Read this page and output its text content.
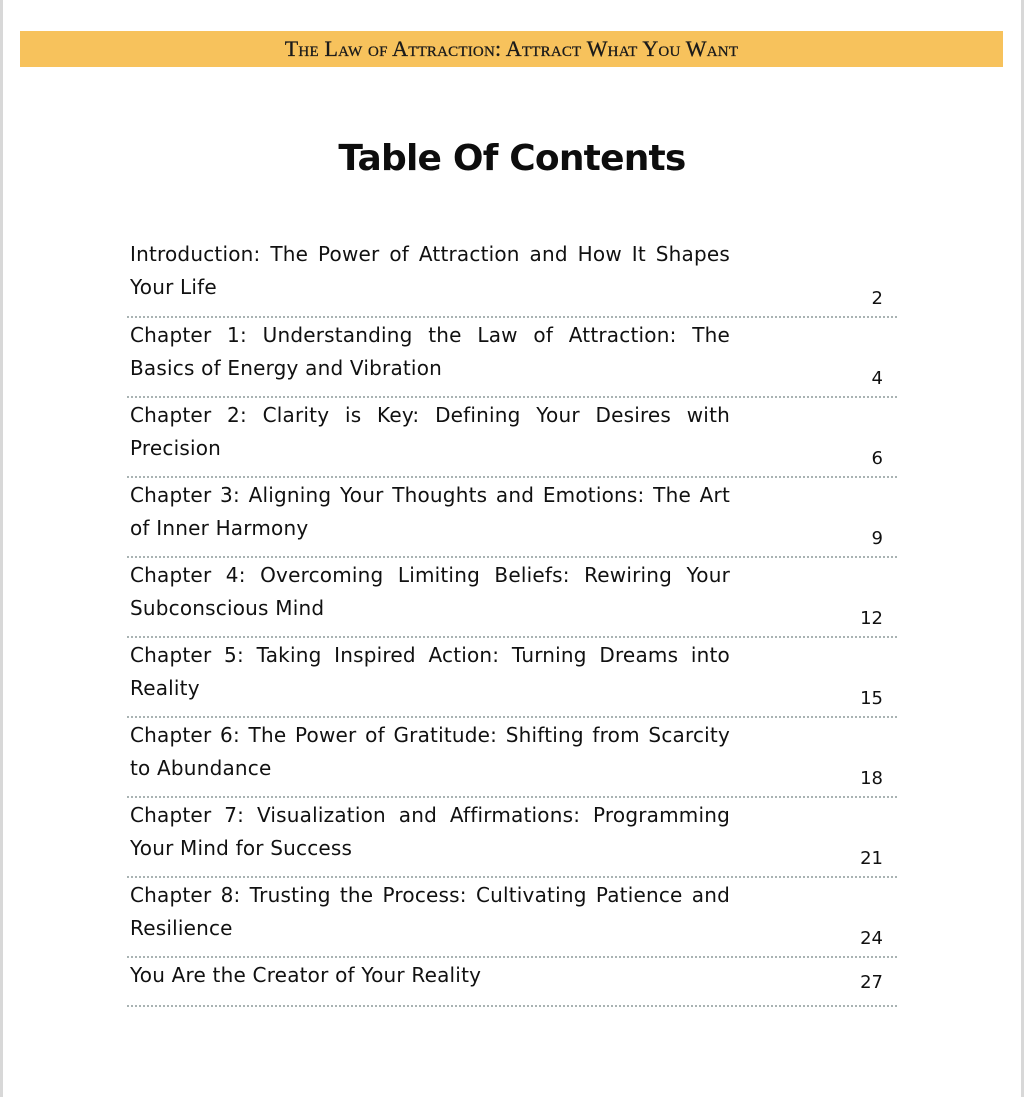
The Law of Attraction: Attract What You Want
Table Of Contents
Introduction: The Power of Attraction and How It Shapes Your Life	2
Chapter 1: Understanding the Law of Attraction: The Basics of Energy and Vibration	4
Chapter 2: Clarity is Key: Defining Your Desires with Precision	6
Chapter 3: Aligning Your Thoughts and Emotions: The Art of Inner Harmony	9
Chapter 4: Overcoming Limiting Beliefs: Rewiring Your Subconscious Mind	12
Chapter 5: Taking Inspired Action: Turning Dreams into Reality	15
Chapter 6: The Power of Gratitude: Shifting from Scarcity to Abundance	18
Chapter 7: Visualization and Affirmations: Programming Your Mind for Success	21
Chapter 8: Trusting the Process: Cultivating Patience and Resilience	24
You Are the Creator of Your Reality	27
